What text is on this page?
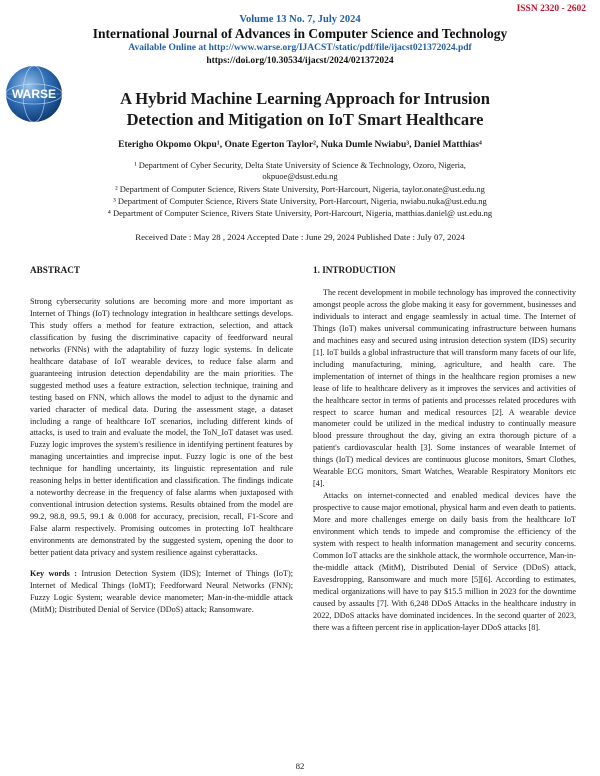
ISSN 2320 - 2602
Volume 13 No. 7, July 2024
International Journal of Advances in Computer Science and Technology
Available Online at http://www.warse.org/IJACST/static/pdf/file/ijacst021372024.pdf
https://doi.org/10.30534/ijacst/2024/021372024
WARSE	A Hybrid Machine Learning Approach for Intrusion
Detection and Mitigation on IoT Smart Healthcare
Eterigho Okpomo Okpu¹, Onate Egerton Taylor², Nuka Dumle Nwiabu³, Daniel Matthias⁴
¹ Department of Cyber Security, Delta State University of Science & Technology, Ozoro, Nigeria,
okpuoe@dsust.edu.ng
² Department of Computer Science, Rivers State University, Port-Harcourt, Nigeria, taylor.onate@ust.edu.ng
³ Department of Computer Science, Rivers State University, Port-Harcourt, Nigeria, nwiabu.nuka@ust.edu.ng
⁴ Department of Computer Science, Rivers State University, Port-Harcourt, Nigeria, matthias.daniel@ ust.edu.ng
Received Date : May 28 , 2024 Accepted Date : June 29, 2024 Published Date : July 07, 2024
ABSTRACT

Strong cybersecurity solutions are becoming more and more important as Internet of Things (IoT) technology integration in healthcare settings develops. This study offers a method for feature extraction, selection, and attack classification by fusing the discriminative capacity of feedforward neural networks (FNNs) with the adaptability of fuzzy logic systems. In delicate healthcare database of IoT wearable devices, to reduce false alarm and guaranteeing intrusion detection dependability are the main priorities. The suggested method uses a feature extraction, selection technique, training and testing based on FNN, which allows the model to adjust to the dynamic and varied character of medical data. During the assessment stage, a dataset including a range of healthcare IoT scenarios, including different kinds of attacks, is used to train and evaluate the model, the ToN_IoT dataset was used. Fuzzy logic improves the system's resilience in identifying pertinent features by managing uncertainties and imprecise input. Fuzzy logic is one of the best technique for handling uncertainty, its linguistic representation and rule reasoning helps in better identification and classification. The findings indicate a noteworthy decrease in the frequency of false alarms when juxtaposed with conventional intrusion detection systems. Results obtained from the model are 99.2, 98.8, 99.5, 99.1 & 0.008 for accuracy, precision, recall, F1-Score and False alarm respectively. Promising outcomes in protecting IoT healthcare environments are demonstrated by the suggested system, opening the door to better patient data privacy and system resilience against cyberattacks.

Key words : Intrusion Detection System (IDS); Internet of Things (IoT); Internet of Medical Things (IoMT); Feedforward Neural Networks (FNN); Fuzzy Logic System; wearable device manometer; Man-in-the-middle attack (MitM); Distributed Denial of Service (DDoS) attack; Ransomware.

1. INTRODUCTION

The recent development in mobile technology has improved the connectivity amongst people across the globe making it easy for government, businesses and individuals to interact and engage seamlessly in actual time. The Internet of Things (IoT) makes universal communicating infrastructure between humans and machines easy and secured using intrusion detection system (IDS) security [1]. IoT builds a global infrastructure that will transform many facets of our life, including manufacturing, mining, agriculture, and health care. The implementation of internet of things in the healthcare region promises a new lease of life to healthcare delivery as it improves the services and activities of the healthcare sector in terms of patients and processes related procedures with respect to scarce human and medical resources [2]. A wearable device manometer could be utilized in the medical industry to continually measure blood pressure throughout the day, giving an extra thorough picture of a patient's cardiovascular health [3]. Some instances of wearable Internet of things (IoT) medical devices are continuous glucose monitors, Smart Clothes, Wearable ECG monitors, Smart Watches, Wearable Respiratory Monitors etc [4].

Attacks on internet-connected and enabled medical devices have the prospective to cause major emotional, physical harm and even death to patients. More and more challenges emerge on daily basis from the healthcare IoT environment which tends to impede and compromise the efficiency of the system with respect to health information management and security concerns. Common IoT attacks are the sinkhole attack, the wormhole occurrence, Man-in-the-middle attack (MitM), Distributed Denial of Service (DDoS) attack, Eavesdropping, Ransomware and much more [5][6]. According to estimates, medical organizations will have to pay $15.5 million in 2023 for the downtime caused by assaults [7]. With 6,248 DDoS Attacks in the healthcare industry in 2022, DDoS attacks have dominated incidences. In the second quarter of 2023, there was a fifteen percent rise in application-layer DDoS attacks [8].

82
